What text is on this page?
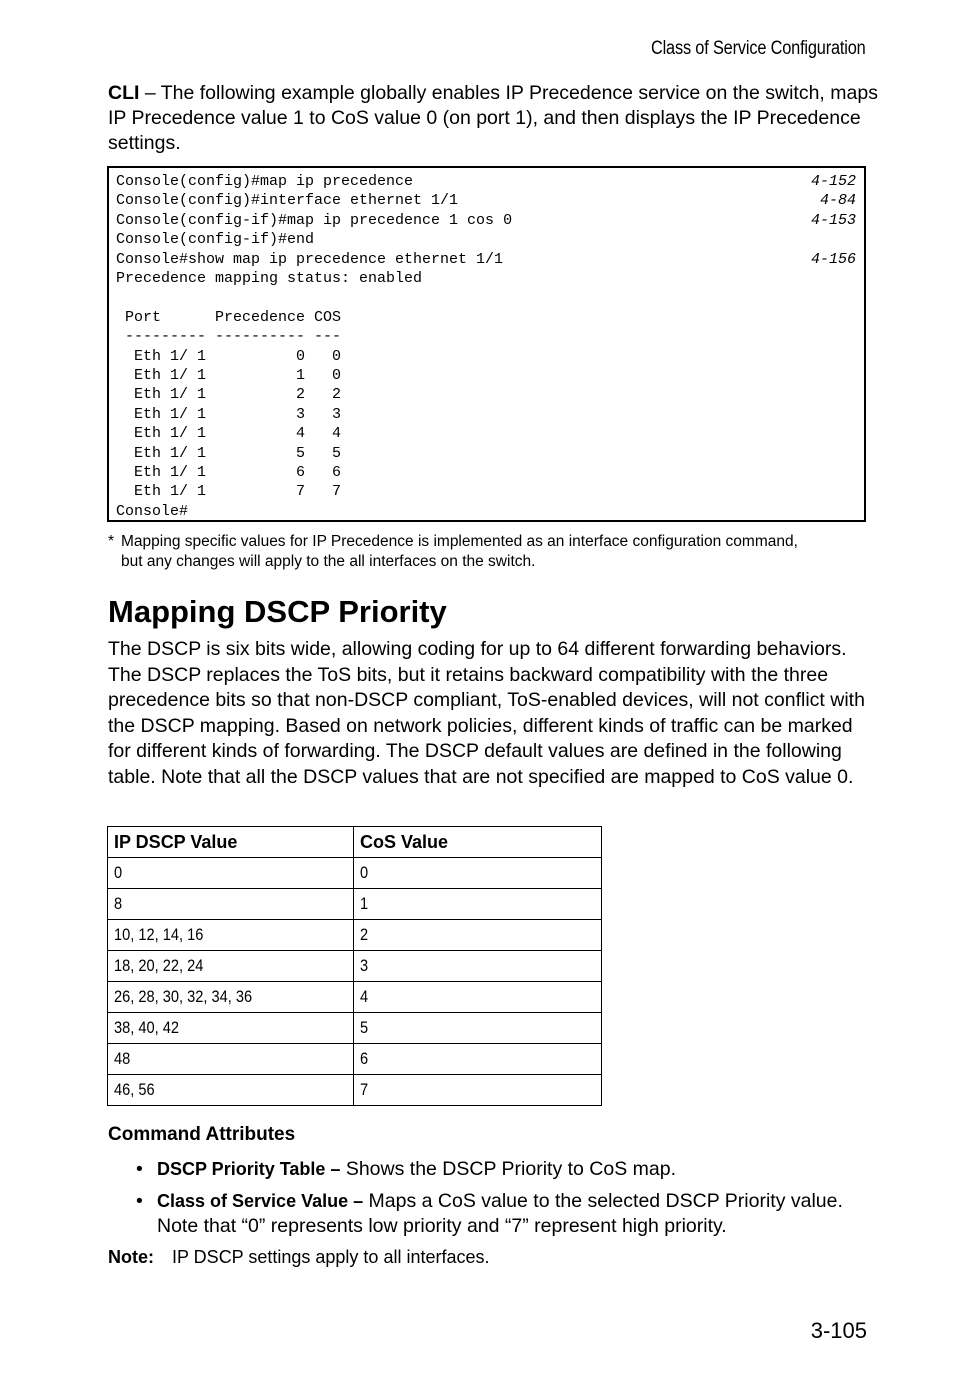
Class of Service Configuration

CLI – The following example globally enables IP Precedence service on the switch, maps IP Precedence value 1 to CoS value 0 (on port 1), and then displays the IP Precedence settings.

Console(config)#map ip precedence	4-152
Console(config)#interface ethernet 1/1	4-84
Console(config-if)#map ip precedence 1 cos 0	4-153
Console(config-if)#end
Console#show map ip precedence ethernet 1/1	4-156
Precedence mapping status: enabled
Port      Precedence COS
--------- ---------- ---
Eth 1/ 1          0   0
Eth 1/ 1          1   0
Eth 1/ 1          2   2
Eth 1/ 1          3   3
Eth 1/ 1          4   4
Eth 1/ 1          5   5
Eth 1/ 1          6   6
Eth 1/ 1          7   7
Console#
* Mapping specific values for IP Precedence is implemented as an interface configuration command, but any changes will apply to the all interfaces on the switch.
Mapping DSCP Priority

The DSCP is six bits wide, allowing coding for up to 64 different forwarding behaviors. The DSCP replaces the ToS bits, but it retains backward compatibility with the three precedence bits so that non-DSCP compliant, ToS-enabled devices, will not conflict with the DSCP mapping. Based on network policies, different kinds of traffic can be marked for different kinds of forwarding. The DSCP default values are defined in the following table. Note that all the DSCP values that are not specified are mapped to CoS value 0.

IP DSCP Value	CoS Value
0	0
8	1
10, 12, 14, 16	2
18, 20, 22, 24	3
26, 28, 30, 32, 34, 36	4
38, 40, 42	5
48	6
46, 56	7
Command Attributes
• DSCP Priority Table – Shows the DSCP Priority to CoS map.
• Class of Service Value – Maps a CoS value to the selected DSCP Priority value. Note that “0” represents low priority and “7” represent high priority.
Note: IP DSCP settings apply to all interfaces.
3-105
